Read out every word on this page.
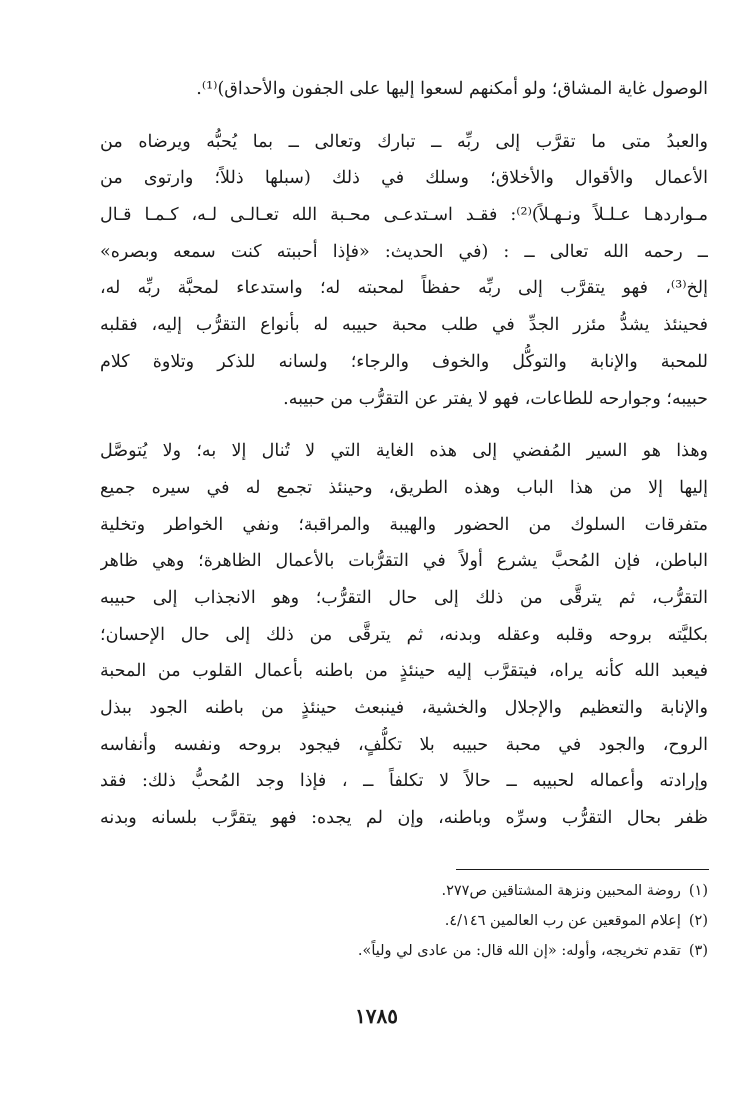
الوصول غاية المشاق؛ ولو أمكنهم لسعوا إليها على الجفون والأحداق)⁽¹⁾.
والعبدُ متى ما تقرَّب إلى ربِّه ــ تبارك وتعالى ــ بما يُحبُّه ويرضاه من
الأعمال والأقوال والأخلاق؛ وسلك في ذلك (سبلها ذللاً؛ وارتوى من
مـواردهـا عـلـلاً ونـهـلاً)⁽²⁾: فقـد اسـتدعـى محـبة الله تعـالـى لـه، كـمـا قـال
ــ رحمه الله تعالى ــ : (في الحديث: «فإذا أحببته كنت سمعه وبصره»
إلخ⁽³⁾، فهو يتقرَّب إلى ربِّه حفظاً لمحبته له؛ واستدعاء لمحبَّة ربِّه له،
فحينئذ يشدُّ مئزر الجدِّ في طلب محبة حبيبه له بأنواع التقرُّب إليه، فقلبه
للمحبة والإنابة والتوكُّل والخوف والرجاء؛ ولسانه للذكر وتلاوة كلام
حبيبه؛ وجوارحه للطاعات، فهو لا يفتر عن التقرُّب من حبيبه.
وهذا هو السير المُفضي إلى هذه الغاية التي لا تُنال إلا به؛ ولا يُتوصَّل
إليها إلا من هذا الباب وهذه الطريق، وحينئذ تجمع له في سيره جميع
متفرقات السلوك من الحضور والهيبة والمراقبة؛ ونفي الخواطر وتخلية
الباطن، فإن المُحبَّ يشرع أولاً في التقرُّبات بالأعمال الظاهرة؛ وهي ظاهر
التقرُّب، ثم يترقَّى من ذلك إلى حال التقرُّب؛ وهو الانجذاب إلى حبيبه
بكليَّته بروحه وقلبه وعقله وبدنه، ثم يترقَّى من ذلك إلى حال الإحسان؛
فيعبد الله كأنه يراه، فيتقرَّب إليه حينئذٍ من باطنه بأعمال القلوب من المحبة
والإنابة والتعظيم والإجلال والخشية، فينبعث حينئذٍ من باطنه الجود ببذل
الروح، والجود في محبة حبيبه بلا تكلُّفٍ، فيجود بروحه ونفسه وأنفاسه
وإرادته وأعماله لحبيبه ــ حالاً لا تكلفاً ــ ، فإذا وجد المُحبُّ ذلك: فقد
ظفر بحال التقرُّب وسرِّه وباطنه، وإن لم يجده: فهو يتقرَّب بلسانه وبدنه
(١)روضة المحبين ونزهة المشتاقين ص٢٧٧.
(٢)إعلام الموقعين عن رب العالمين ٤/١٤٦.
(٣)تقدم تخريجه، وأوله: «إن الله قال: من عادى لي ولياً».
١٧٨٥
